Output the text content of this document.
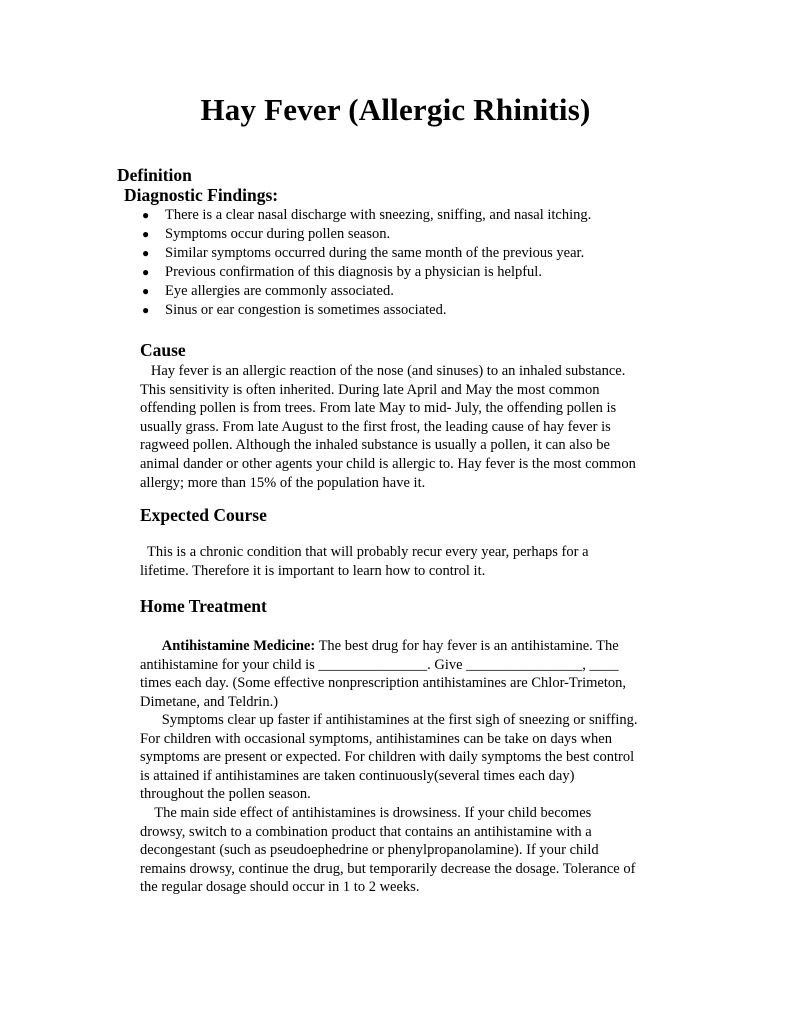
Hay Fever (Allergic Rhinitis)
Definition
Diagnostic Findings:
● There is a clear nasal discharge with sneezing, sniffing, and nasal itching.
● Symptoms occur during pollen season.
● Similar symptoms occurred during the same month of the previous year.
● Previous confirmation of this diagnosis by a physician is helpful.
● Eye allergies are commonly associated.
● Sinus or ear congestion is sometimes associated.
Cause

Hay fever is an allergic reaction of the nose (and sinuses) to an inhaled substance.
This sensitivity is often inherited. During late April and May the most common
offending pollen is from trees. From late May to mid- July, the offending pollen is
usually grass. From late August to the first frost, the leading cause of hay fever is
ragweed pollen. Although the inhaled substance is usually a pollen, it can also be
animal dander or other agents your child is allergic to. Hay fever is the most common
allergy; more than 15% of the population have it.

Expected Course

This is a chronic condition that will probably recur every year, perhaps for a
lifetime. Therefore it is important to learn how to control it.

Home Treatment

Antihistamine Medicine: The best drug for hay fever is an antihistamine. The
antihistamine for your child is _______________. Give ________________, ____
times each day. (Some effective nonprescription antihistamines are Chlor-Trimeton,
Dimetane, and Teldrin.)

Symptoms clear up faster if antihistamines at the first sigh of sneezing or sniffing.
For children with occasional symptoms, antihistamines can be take on days when
symptoms are present or expected. For children with daily symptoms the best control
is attained if antihistamines are taken continuously(several times each day)
throughout the pollen season.

The main side effect of antihistamines is drowsiness. If your child becomes
drowsy, switch to a combination product that contains an antihistamine with a
decongestant (such as pseudoephedrine or phenylpropanolamine). If your child
remains drowsy, continue the drug, but temporarily decrease the dosage. Tolerance of
the regular dosage should occur in 1 to 2 weeks.
